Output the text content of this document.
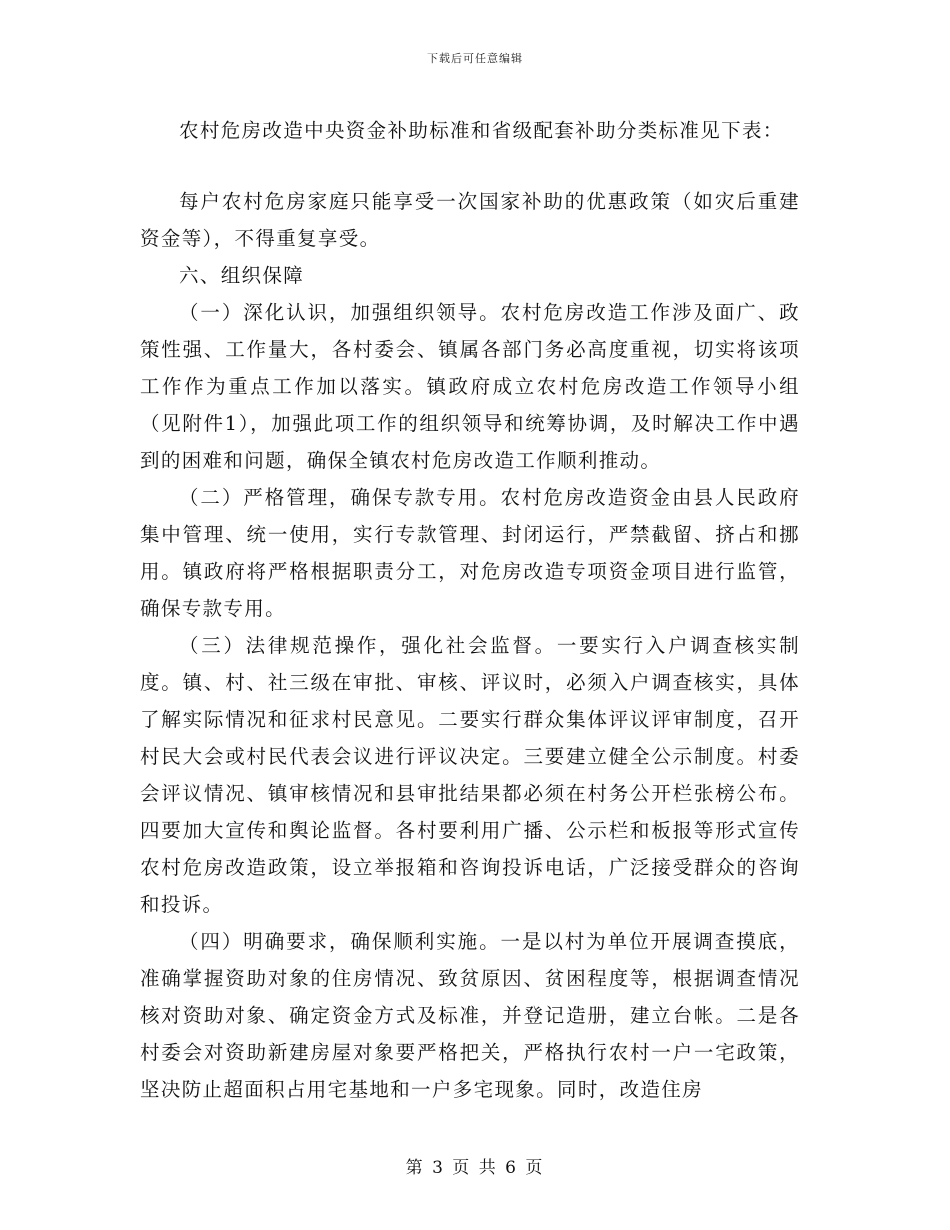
下载后可任意编辑

农村危房改造中央资金补助标准和省级配套补助分类标准见下表：

每户农村危房家庭只能享受一次国家补助的优惠政策（如灾后重建资金等），不得重复享受。

六、组织保障

（一）深化认识，加强组织领导。农村危房改造工作涉及面广、政策性强、工作量大，各村委会、镇属各部门务必高度重视，切实将该项工作作为重点工作加以落实。镇政府成立农村危房改造工作领导小组（见附件1），加强此项工作的组织领导和统筹协调，及时解决工作中遇到的困难和问题，确保全镇农村危房改造工作顺利推动。

（二）严格管理，确保专款专用。农村危房改造资金由县人民政府集中管理、统一使用，实行专款管理、封闭运行，严禁截留、挤占和挪用。镇政府将严格根据职责分工，对危房改造专项资金项目进行监管，确保专款专用。

（三）法律规范操作，强化社会监督。一要实行入户调查核实制度。镇、村、社三级在审批、审核、评议时，必须入户调查核实，具体了解实际情况和征求村民意见。二要实行群众集体评议评审制度，召开村民大会或村民代表会议进行评议决定。三要建立健全公示制度。村委会评议情况、镇审核情况和县审批结果都必须在村务公开栏张榜公布。四要加大宣传和舆论监督。各村要利用广播、公示栏和板报等形式宣传农村危房改造政策，设立举报箱和咨询投诉电话，广泛接受群众的咨询和投诉。

（四）明确要求，确保顺利实施。一是以村为单位开展调查摸底，准确掌握资助对象的住房情况、致贫原因、贫困程度等，根据调查情况核对资助对象、确定资金方式及标准，并登记造册，建立台帐。二是各村委会对资助新建房屋对象要严格把关，严格执行农村一户一宅政策，坚决防止超面积占用宅基地和一户多宅现象。同时，改造住房

第 3 页 共 6 页
